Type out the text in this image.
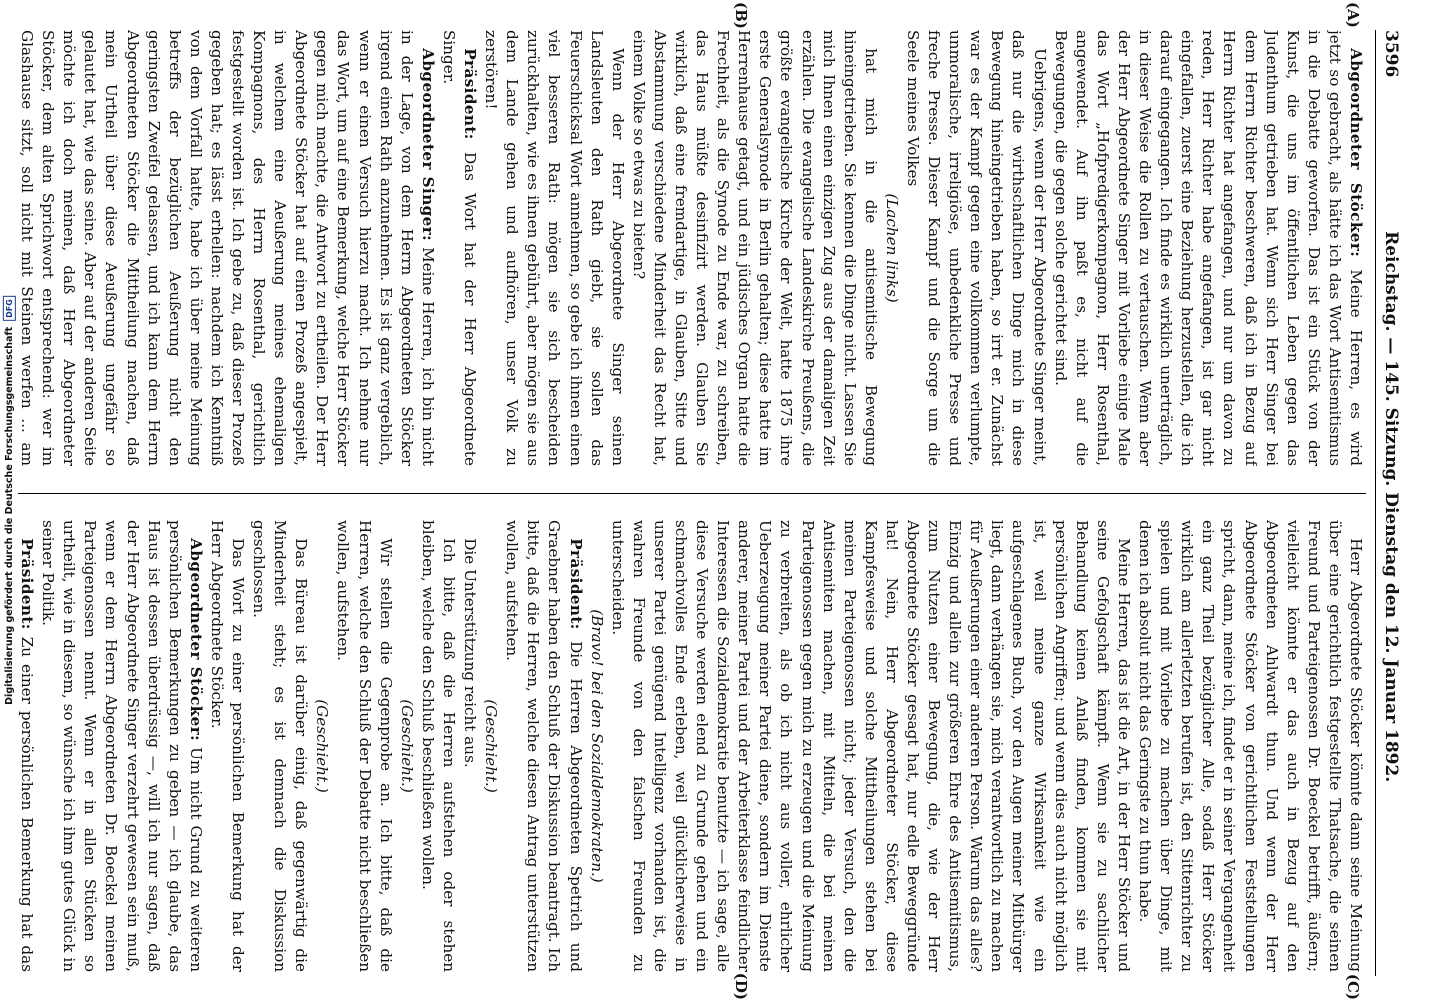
3596
Reichstag. — 145. Sitzung. Dienstag den 12. Januar 1892.
(A)
(B)
(C)
(D)

Abgeordneter Stöcker: Meine Herren, es wird jetzt so gebracht, als hätte ich das Wort Antisemitismus in die Debatte geworfen. Das ist ein Stück von der Kunst, die uns im öffentlichen Leben gegen das Judenthum getrieben hat. Wenn sich Herr Singer bei dem Herrn Richter beschweren, daß ich in Bezug auf Herrn Richter hat angefangen, und nur um davon zu reden, Herr Richter habe angefangen, ist gar nicht eingefallen, zuerst eine Beziehung herzustellen, die ich darauf eingegangen. Ich finde es wirklich unerträglich, in dieser Weise die Rollen zu vertauschen. Wenn aber der Herr Abgeordnete Singer mit Vorliebe einige Male das Wort „Hofpredigerkompagnon, Herr Rosenthal, angewendet. Auf ihn paßt es, nicht auf die Bewegungen, die gegen solche gerichtet sind.

Uebrigens, wenn der Herr Abgeordnete Singer meint, daß nur die wirthschaftlichen Dinge mich in diese Bewegung hineingetrieben haben, so irrt er. Zunächst war es der Kampf gegen eine vollkommen verlumpte, unmoralische, irreligiöse, unbedenkliche Presse und freche Presse. Dieser Kampf und die Sorge um die Seele meines Volkes

(Lachen links)

hat mich in die antisemitische Bewegung hineingetrieben. Sie kennen die Dinge nicht. Lassen Sie mich Ihnen einen einzigen Zug aus der damaligen Zeit erzählen. Die evangelische Landeskirche Preußens, die größte evangelische Kirche der Welt, hatte 1875 ihre erste Generalsynode in Berlin gehalten; diese hatte im Herrenhause getagt, und ein jüdisches Organ hatte die Frechheit, als die Synode zu Ende war, zu schreiben, das Haus müßte desinfizirt werden. Glauben Sie wirklich, daß eine fremdartige, in Glauben, Sitte und Abstammung verschiedene Minderheit das Recht hat, einem Volke so etwas zu bieten?

Wenn der Herr Abgeordnete Singer seinen Landsleuten den Rath giebt, sie sollen das Feuerschicksal Wort annehmen, so gebe ich ihnen einen viel besseren Rath: mögen sie sich bescheiden zurückhalten, wie es ihnen gebührt, aber mögen sie aus dem Lande gehen und aufhören, unser Volk zu zerstören!

Präsident: Das Wort hat der Herr Abgeordnete Singer.

Abgeordneter Singer: Meine Herren, ich bin nicht in der Lage, von dem Herrn Abgeordneten Stöcker irgend einen Rath anzunehmen. Es ist ganz vergeblich, wenn er einen Versuch hierzu macht. Ich nehme nur das Wort, um auf eine Bemerkung, welche Herr Stöcker gegen mich machte, die Antwort zu ertheilen. Der Herr Abgeordnete Stöcker hat auf einen Prozeß angespielt, in welchem eine Aeußerung meines ehemaligen Kompagnons, des Herrn Rosenthal, gerichtlich festgestellt worden ist. Ich gebe zu, daß dieser Prozeß gegeben hat; es lässt erhellen: nachdem ich Kenntniß von dem Vorfall hatte, habe ich über meine Meinung betreffs der bezüglichen Aeußerung nicht den geringsten Zweifel gelassen, und ich kann dem Herrn Abgeordneten Stöcker die Mittheilung machen, daß mein Urtheil über diese Aeußerung ungefähr so gelautet hat, wie das seine. Aber auf der anderen Seite möchte ich doch meinen, daß Herr Abgeordneter Stöcker, dem alten Sprichwort entsprechend: wer im Glashause sitzt, soll nicht mit Steinen werfen ... am

Herr Abgeordnete Stöcker könnte dann seine Meinung über eine gerichtlich festgestellte Thatsache, die seinen Freund und Parteigenossen Dr. Boeckel betrifft, äußern; vielleicht könnte er das auch in Bezug auf den Abgeordneten Ahlwardt thun. Und wenn der Herr Abgeordnete Stöcker von gerichtlichen Feststellungen spricht, dann, meine ich, findet er in seiner Vergangenheit ein ganz Theil bezüglicher Alle, sodaß Herr Stöcker wirklich am allerletzten berufen ist, den Sittenrichter zu spielen und mit Vorliebe zu machen über Dinge, mit denen ich absolut nicht das Geringste zu thun habe.

Meine Herren, das ist die Art, in der Herr Stöcker und seine Gefolgschaft kämpft. Wenn sie zu sachlicher Behandlung keinen Anlaß finden, kommen sie mit persönlichen Angriffen; und wenn dies auch nicht möglich ist, weil meine ganze Wirksamkeit wie ein aufgeschlagenes Buch, vor den Augen meiner Mitbürger liegt, dann verhängen sie, mich verantwortlich zu machen für Aeußerungen einer anderen Person. Warum das alles? Einzig und allein zur größeren Ehre des Antisemitismus, zum Nutzen einer Bewegung, die, wie der Herr Abgeordnete Stöcker gesagt hat, nur edle Beweggründe hat! Nein, Herr Abgeordneter Stöcker, diese Kampfesweise und solche Mittheilungen stehen bei meinen Parteigenossen nicht; jeder Versuch, den die Antisemiten machen, mit Mitteln, die bei meinen Parteigenossen gegen mich zu erzeugen und die Meinung zu verbreiten, als ob ich nicht aus voller, ehrlicher Ueberzeugung meiner Partei diene, sondern im Dienste anderer, meiner Partei und der Arbeiterklasse feindlicher Interessen die Sozialdemokratie benutzte — ich sage, alle diese Versuche werden elend zu Grunde gehen und ein schmachvolles Ende erleben, weil glücklicherweise in unserer Partei genügend Intelligenz vorhanden ist, die wahren Freunde von den falschen Freunden zu unterscheiden.

(Bravo! bei den Sozialdemokraten.)

Präsident: Die Herren Abgeordneten Spetrich und Graebner haben den Schluß der Diskussion beantragt. Ich bitte, daß die Herren, welche diesen Antrag unterstützen wollen, aufstehen.

(Geschieht.)

Die Unterstützung reicht aus.

Ich bitte, daß die Herren aufstehen oder stehen bleiben, welche den Schluß beschließen wollen.

(Geschieht.)

Wir stellen die Gegenprobe an. Ich bitte, daß die Herren, welche den Schluß der Debatte nicht beschließen wollen, aufstehen.

(Geschieht.)

Das Büreau ist darüber einig, daß gegenwärtig die Minderheit steht; es ist demnach die Diskussion geschlossen.

Das Wort zu einer persönlichen Bemerkung hat der Herr Abgeordnete Stöcker.

Abgeordneter Stöcker: Um nicht Grund zu weiteren persönlichen Bemerkungen zu geben — ich glaube, das Haus ist dessen überdrüssig —, will ich nur sagen, daß der Herr Abgeordnete Singer verzehrt gewesen sein muß, wenn er dem Herrn Abgeordneten Dr. Boeckel meinen Parteigenossen nennt. Wenn er in allen Stücken so urtheilt, wie in diesem, so wünsche ich ihm gutes Glück in seiner Politik.

Präsident: Zu einer persönlichen Bemerkung hat das

Digitalisierung gefördert durch die Deutsche Forschungsgemeinschaft
DFG
